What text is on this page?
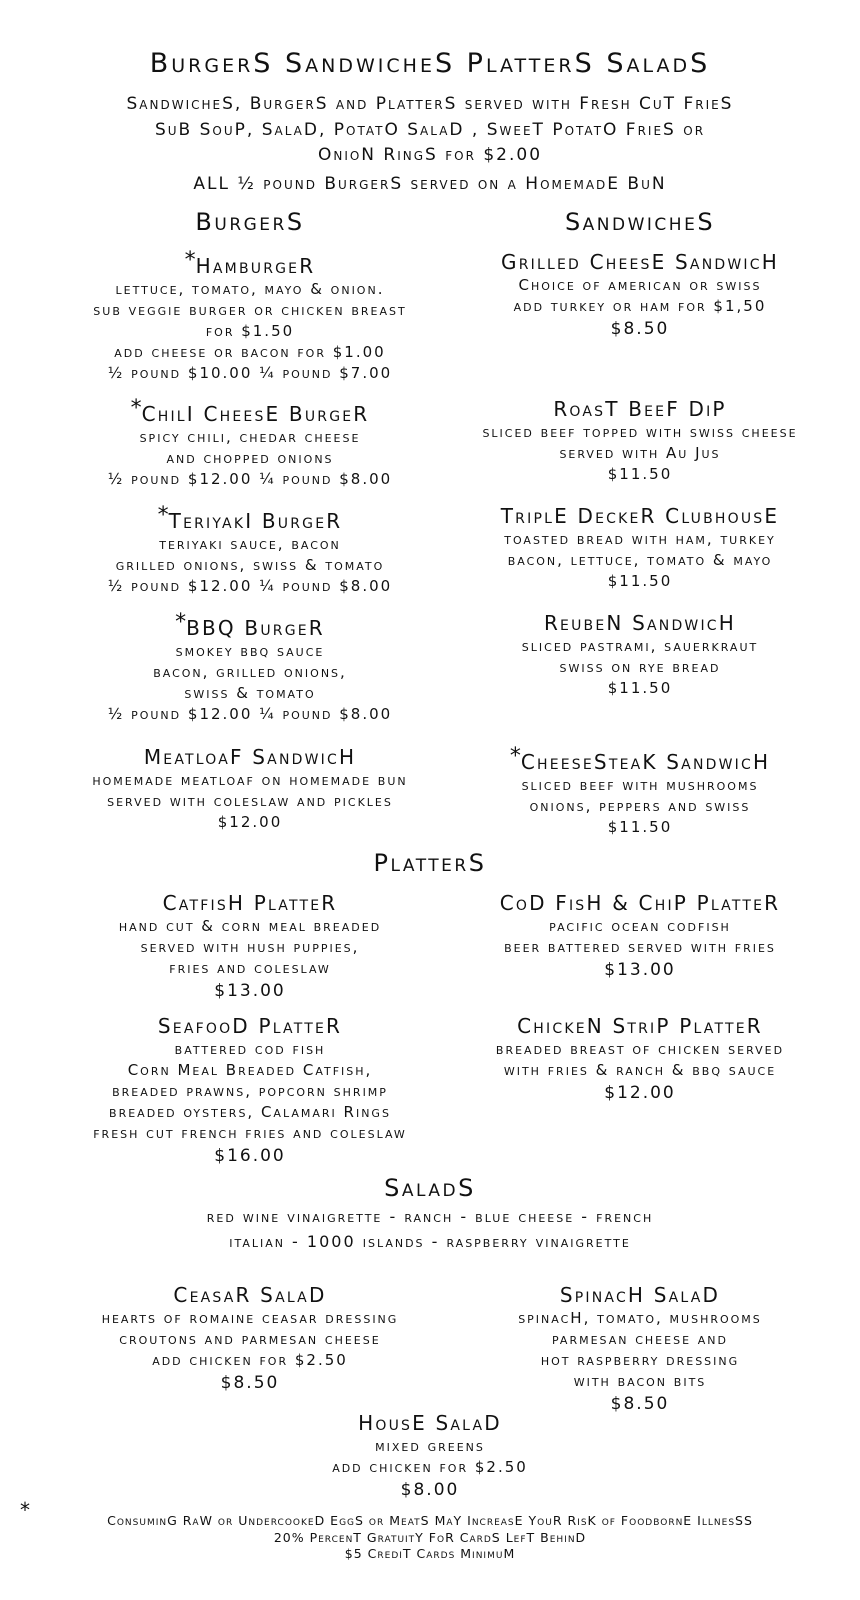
BurgerS SandwicheS PlatterS SaladS
SandwicheS, BurgerS and PlatterS served with Fresh CuT FrieS
SuB SouP, SalaD, PotatO SalaD , SweeT PotatO FrieS or
OnioN RingS for $2.00
ALL ½ pound BurgerS served on a HomemadE BuN
BurgerS	SandwicheS
*HamburgeR
lettuce, tomato, mayo & onion.
sub veggie burger or chicken breast
for $1.50
add cheese or bacon for $1.00
½ pound $10.00 ¼ pound $7.00
*ChilI CheesE BurgeR
spicy chili, chedar cheese
and chopped onions
½ pound $12.00 ¼ pound $8.00
*TeriyakI BurgeR
teriyaki sauce, bacon
grilled onions, swiss & tomato
½ pound $12.00 ¼ pound $8.00
*BBQ BurgeR
smokey bbq sauce
bacon, grilled onions,
swiss & tomato
½ pound $12.00 ¼ pound $8.00
MeatloaF SandwicH
homemade meatloaf on homemade bun
served with coleslaw and pickles
$12.00
Grilled CheesE SandwicH
Choice of american or swiss
add turkey or ham for $1,50
$8.50
RoasT BeeF DiP
sliced beef topped with swiss cheese
served with Au Jus
$11.50
TriplE DeckeR ClubhousE
toasted bread with ham, turkey
bacon, lettuce, tomato & mayo
$11.50
ReubeN SandwicH
sliced pastrami, sauerkraut
swiss on rye bread
$11.50
*CheeseSteaK SandwicH
sliced beef with mushrooms
onions, peppers and swiss
$11.50
PlatterS
CatfisH PlatteR
hand cut & corn meal breaded
served with hush puppies,
fries and coleslaw
$13.00
CoD FisH & ChiP PlatteR
pacific ocean codfish
beer battered served with fries
$13.00
SeafooD PlatteR
battered cod fish
Corn Meal Breaded Catfish,
breaded prawns, popcorn shrimp
breaded oysters, Calamari Rings
fresh cut french fries and coleslaw
$16.00
ChickeN StriP PlatteR
breaded breast of chicken served
with fries & ranch & bbq sauce
$12.00
SaladS
red wine vinaigrette - ranch - blue cheese - french
italian - 1000 islands - raspberry vinaigrette
CeasaR SalaD
hearts of romaine ceasar dressing
croutons and parmesan cheese
add chicken for $2.50
$8.50
SpinacH SalaD
spinacH, tomato, mushrooms
parmesan cheese and
hot raspberry dressing
with bacon bits
$8.50
HousE SalaD
mixed greens
add chicken for $2.50
$8.00
*	ConsuminG RaW or UndercookeD EggS or MeatS MaY IncreasE YouR RisK of FoodbornE IllnesSS
20% PercenT GratuitY FoR CardS LefT BehinD
$5 CrediT Cards MinimuM
